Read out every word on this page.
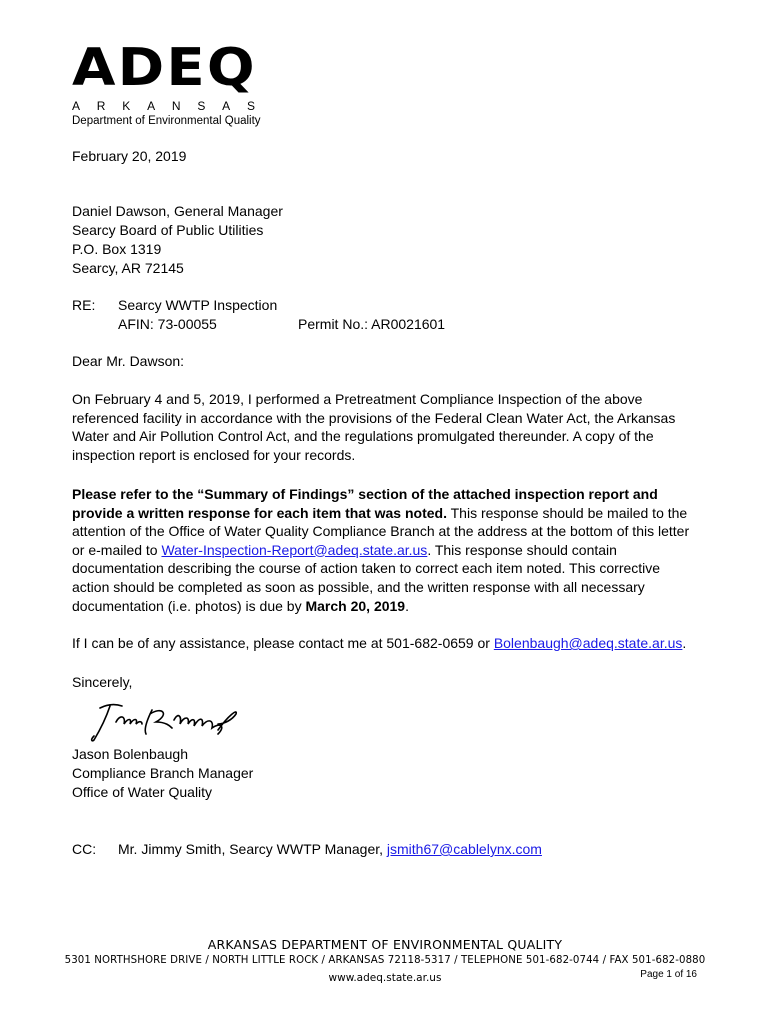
ADEQ
ARKANSAS
Department of Environmental Quality
February 20, 2019
Daniel Dawson, General Manager
Searcy Board of Public Utilities
P.O. Box 1319
Searcy, AR 72145
RE: Searcy WWTP Inspection
AFIN: 73-00055	Permit No.: AR0021601
Dear Mr. Dawson:
On February 4 and 5, 2019, I performed a Pretreatment Compliance Inspection of the above referenced facility in accordance with the provisions of the Federal Clean Water Act, the Arkansas Water and Air Pollution Control Act, and the regulations promulgated thereunder. A copy of the inspection report is enclosed for your records.
Please refer to the “Summary of Findings” section of the attached inspection report and provide a written response for each item that was noted. This response should be mailed to the attention of the Office of Water Quality Compliance Branch at the address at the bottom of this letter or e-mailed to Water-Inspection-Report@adeq.state.ar.us. This response should contain documentation describing the course of action taken to correct each item noted. This corrective action should be completed as soon as possible, and the written response with all necessary documentation (i.e. photos) is due by March 20, 2019.
If I can be of any assistance, please contact me at 501-682-0659 or Bolenbaugh@adeq.state.ar.us.
Sincerely,
Jason Bolenbaugh
Compliance Branch Manager
Office of Water Quality
CC: Mr. Jimmy Smith, Searcy WWTP Manager, jsmith67@cablelynx.com
ARKANSAS DEPARTMENT OF ENVIRONMENTAL QUALITY
5301 NORTHSHORE DRIVE / NORTH LITTLE ROCK / ARKANSAS 72118-5317 / TELEPHONE 501-682-0744 / FAX 501-682-0880
www.adeq.state.ar.us	Page 1 of 16
